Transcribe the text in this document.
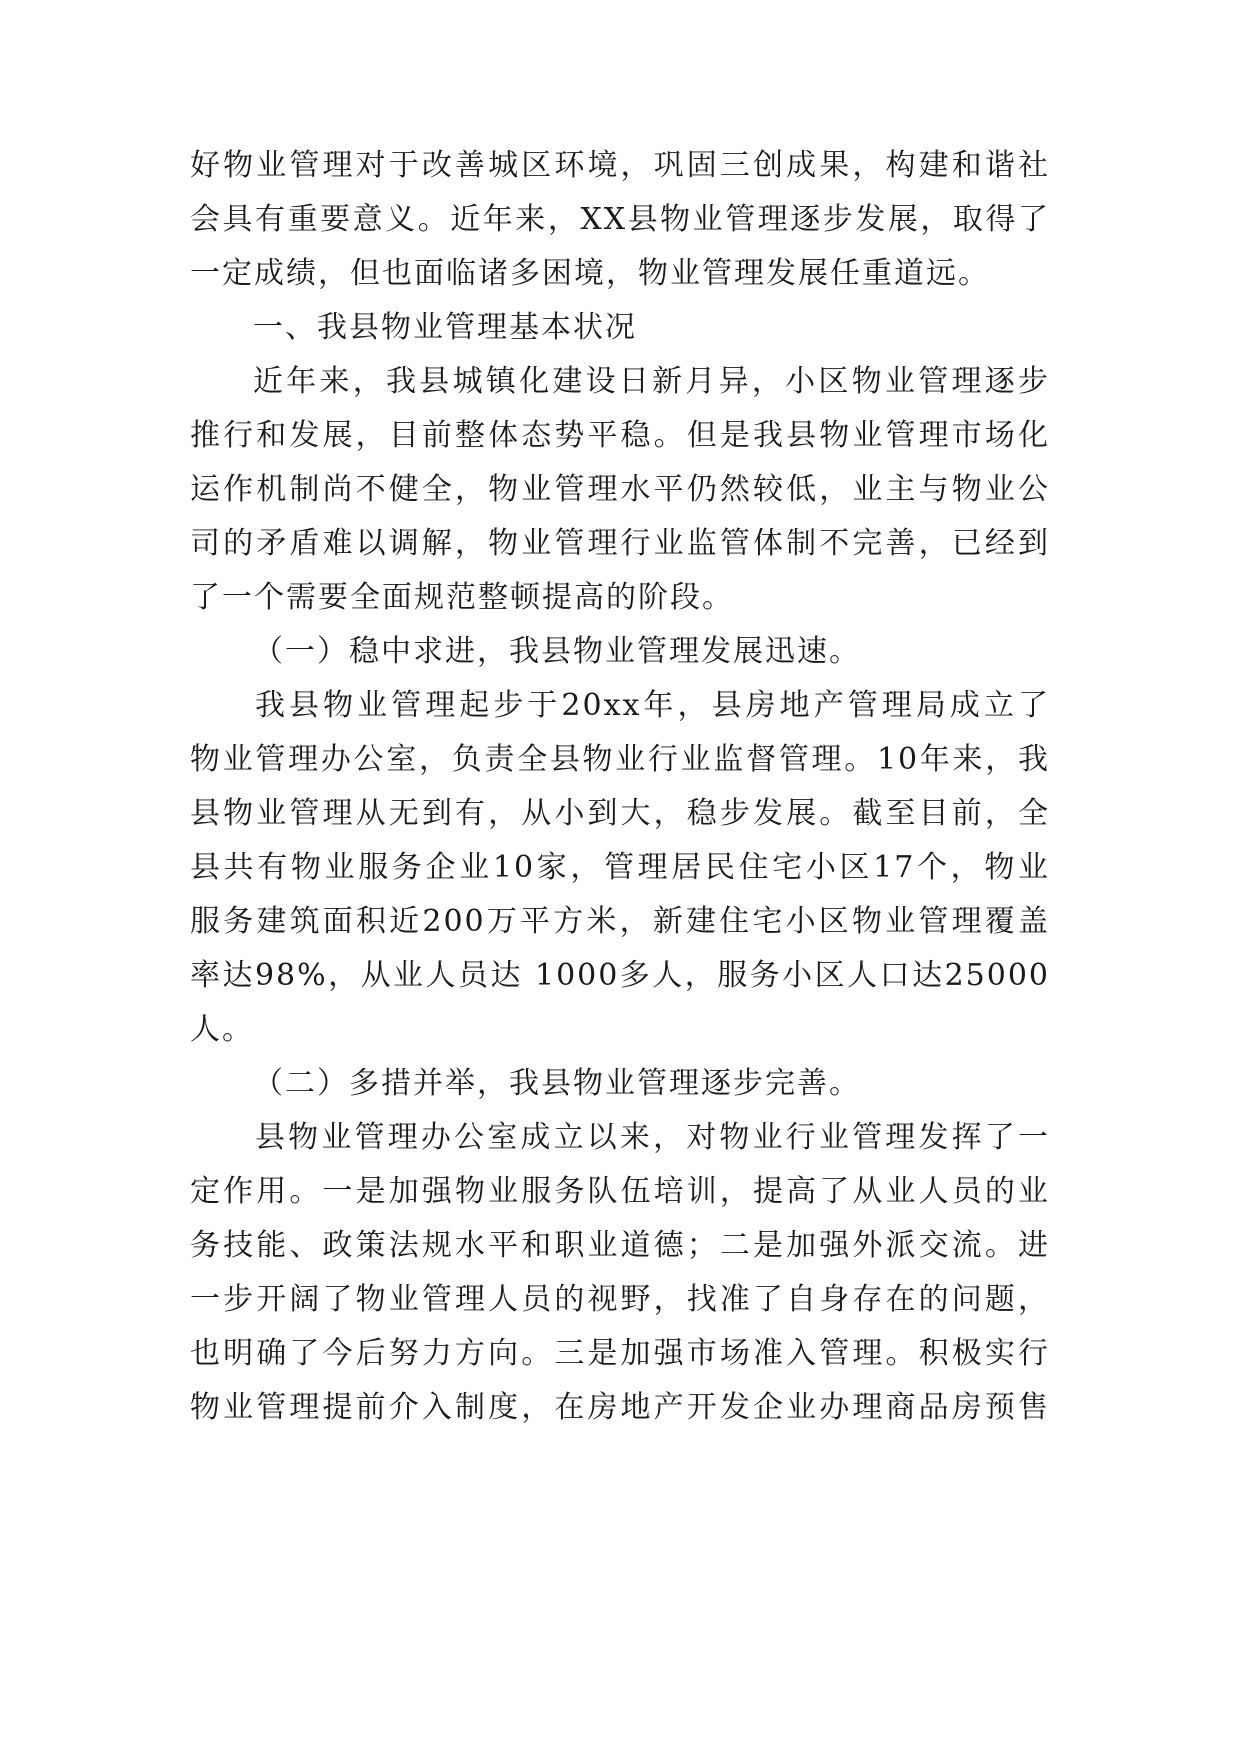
好物业管理对于改善城区环境，巩固三创成果，构建和谐社
会具有重要意义。近年来，XX县物业管理逐步发展，取得了
一定成绩，但也面临诸多困境，物业管理发展任重道远。
一、我县物业管理基本状况
近年来，我县城镇化建设日新月异，小区物业管理逐步
推行和发展，目前整体态势平稳。但是我县物业管理市场化
运作机制尚不健全，物业管理水平仍然较低，业主与物业公
司的矛盾难以调解，物业管理行业监管体制不完善，已经到
了一个需要全面规范整顿提高的阶段。
（一）稳中求进，我县物业管理发展迅速。
我县物业管理起步于20xx年，县房地产管理局成立了
物业管理办公室，负责全县物业行业监督管理。10年来，我
县物业管理从无到有，从小到大，稳步发展。截至目前，全
县共有物业服务企业10家，管理居民住宅小区17个，物业
服务建筑面积近200万平方米，新建住宅小区物业管理覆盖
率达98%，从业人员达 1000多人，服务小区人口达25000
人。
（二）多措并举，我县物业管理逐步完善。
县物业管理办公室成立以来，对物业行业管理发挥了一
定作用。一是加强物业服务队伍培训，提高了从业人员的业
务技能、政策法规水平和职业道德；二是加强外派交流。进
一步开阔了物业管理人员的视野，找准了自身存在的问题，
也明确了今后努力方向。三是加强市场准入管理。积极实行
物业管理提前介入制度，在房地产开发企业办理商品房预售
